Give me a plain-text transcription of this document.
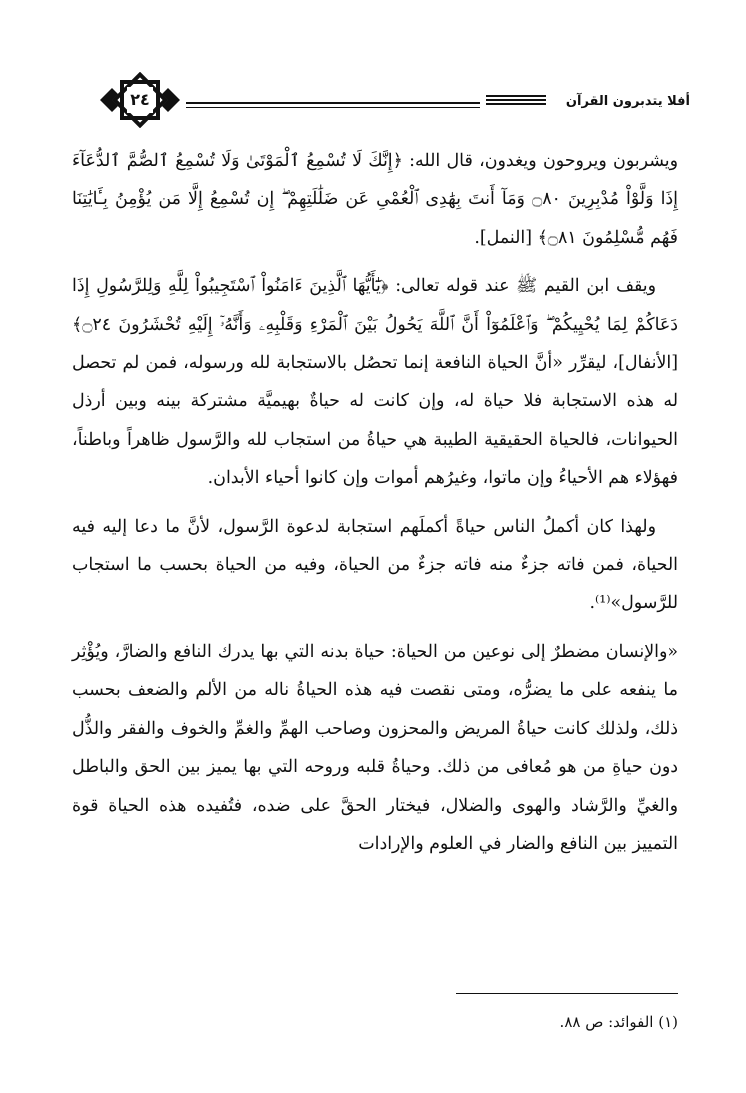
٢٤	أفلا يتدبرون القرآن

ويشربون ويروحون ويغدون، قال الله: ﴿إِنَّكَ لَا تُسْمِعُ ٱلْمَوْتَىٰ وَلَا تُسْمِعُ ٱلصُّمَّ ٱلدُّعَآءَ إِذَا وَلَّوْاْ مُدْبِرِينَ ۝٨٠ وَمَآ أَنتَ بِهَٰدِى ٱلْعُمْىِ عَن ضَلَٰلَتِهِمْ ۖ إِن تُسْمِعُ إِلَّا مَن يُؤْمِنُ بِـَٔايَٰتِنَا فَهُم مُّسْلِمُونَ ۝٨١﴾ [النمل].

ويقف ابن القيم ﷺ عند قوله تعالى: ﴿يَٰٓأَيُّهَا ٱلَّذِينَ ءَامَنُواْ ٱسْتَجِيبُواْ لِلَّهِ وَلِلرَّسُولِ إِذَا دَعَاكُمْ لِمَا يُحْيِيكُمْ ۖ وَٱعْلَمُوٓاْ أَنَّ ٱللَّهَ يَحُولُ بَيْنَ ٱلْمَرْءِ وَقَلْبِهِۦ وَأَنَّهُۥٓ إِلَيْهِ تُحْشَرُونَ ۝٢٤﴾ [الأنفال]، ليقرِّر «أنَّ الحياة النافعة إنما تحصُل بالاستجابة لله ورسوله، فمن لم تحصل له هذه الاستجابة فلا حياة له، وإن كانت له حياةٌ بهيميَّة مشتركة بينه وبين أرذل الحيوانات، فالحياة الحقيقية الطيبة هي حياةُ من استجاب لله والرَّسول ظاهراً وباطناً، فهؤلاء هم الأحياءُ وإن ماتوا، وغيرُهم أموات وإن كانوا أحياء الأبدان.

ولهذا كان أكملُ الناس حياةً أكملَهم استجابة لدعوة الرَّسول، لأنَّ ما دعا إليه فيه الحياة، فمن فاته جزءٌ منه فاته جزءٌ من الحياة، وفيه من الحياة بحسب ما استجاب للرَّسول»⁽¹⁾.

«والإنسان مضطرٌ إلى نوعين من الحياة: حياة بدنه التي بها يدرك النافع والضارَّ، ويُؤْثِر ما ينفعه على ما يضرُّه، ومتى نقصت فيه هذه الحياةُ ناله من الألم والضعف بحسب ذلك، ولذلك كانت حياةُ المريض والمحزون وصاحب الهمِّ والغمِّ والخوف والفقر والذُّل دون حياةِ من هو مُعافى من ذلك. وحياةُ قلبه وروحه التي بها يميز بين الحق والباطل والغيِّ والرَّشاد والهوى والضلال، فيختار الحقَّ على ضده، فتُفيده هذه الحياة قوة التمييز بين النافع والضار في العلوم والإرادات

(١) الفوائد: ص ٨٨.
